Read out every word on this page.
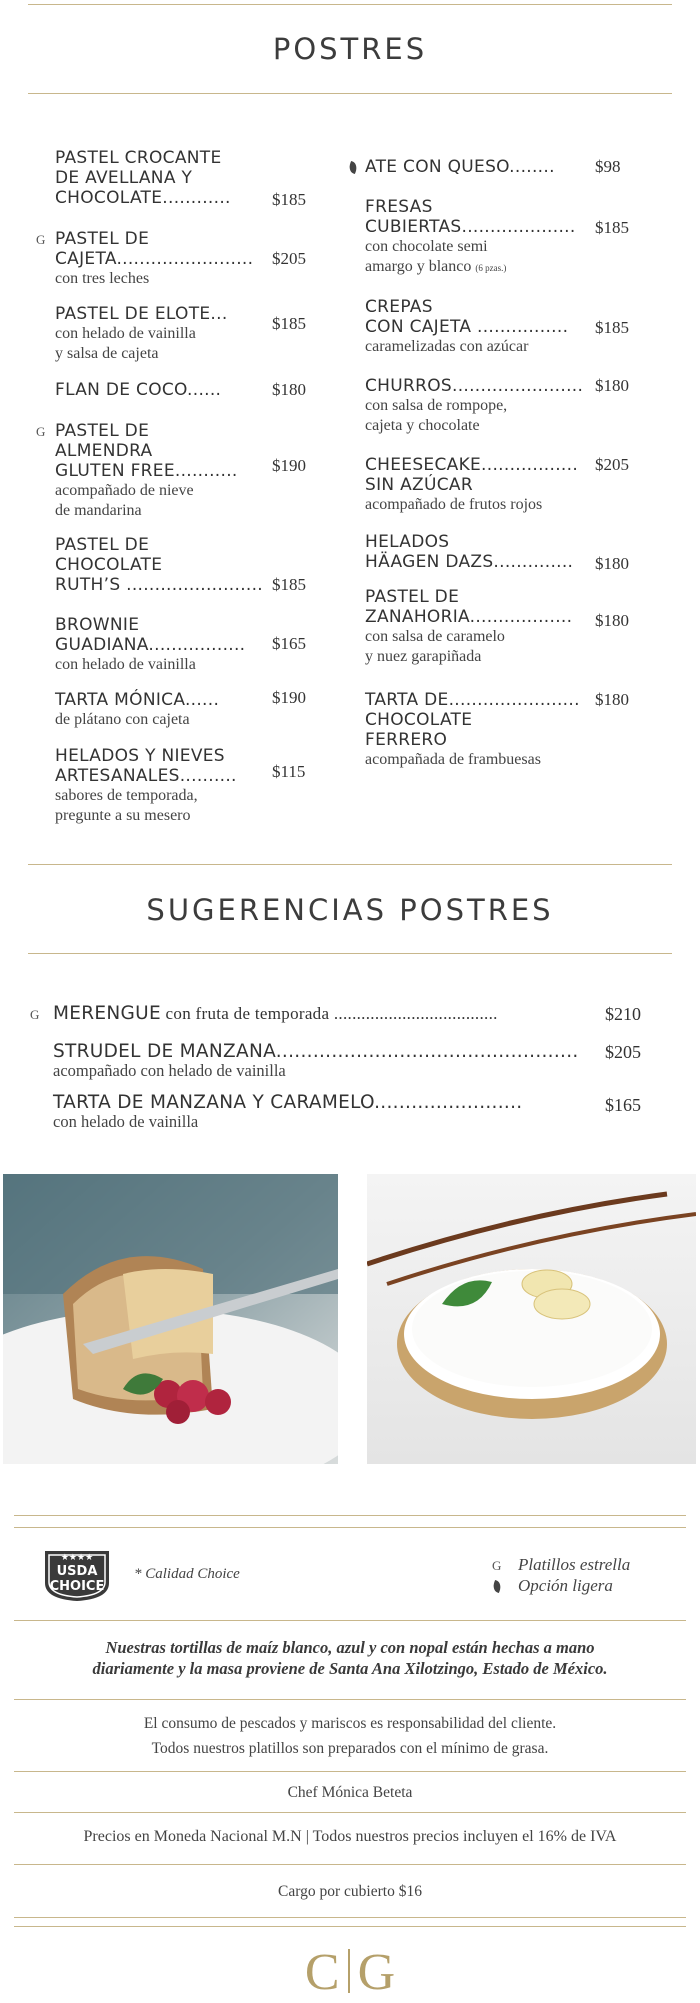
POSTRES
PASTEL CROCANTE
DE AVELLANA Y
CHOCOLATE............ $185
PASTEL DE
CAJETA........................
con tres leches
$205
G
PASTEL DE ELOTE...
con helado de vainilla
y salsa de cajeta
$185
FLAN DE COCO......	$180
PASTEL DE
ALMENDRA
GLUTEN FREE...........
acompañado de nieve
de mandarina
$190
G
PASTEL DE
CHOCOLATE
RUTH’S ........................ $185
BROWNIE
GUADIANA.................
con helado de vainilla
$165
TARTA MÓNICA......
de plátano con cajeta
$190
HELADOS Y NIEVES
ARTESANALES..........
sabores de temporada,
pregunte a su mesero
$115
ATE CON QUESO........ $98
FRESAS
CUBIERTAS....................
con chocolate semi
amargo y blanco (6 pzas.)
$185
CREPAS
CON CAJETA ................
caramelizadas con azúcar
$185
CHURROS.......................
con salsa de rompope,
cajeta y chocolate
$180
CHEESECAKE.................
SIN AZÚCAR
acompañado de frutos rojos
$205
HELADOS
HÄAGEN DAZS.............. $180
PASTEL DE
ZANAHORIA..................
con salsa de caramelo
y nuez garapiñada
$180
TARTA DE.......................
CHOCOLATE
FERRERO
acompañada de frambuesas
$180
SUGERENCIAS POSTRES
MERENGUE con fruta de temporada ....................................	$210
G
STRUDEL DE MANZANA.................................................
acompañado con helado de vainilla
$205
TARTA DE MANZANA Y CARAMELO........................
con helado de vainilla
$165
★★★★
USDA
CHOICE
* Calidad Choice
G Platillos estrella
Opción ligera
Nuestras tortillas de maíz blanco, azul y con nopal están hechas a mano
diariamente y la masa proviene de Santa Ana Xilotzingo, Estado de México.
El consumo de pescados y mariscos es responsabilidad del cliente.
Todos nuestros platillos son preparados con el mínimo de grasa.
Chef Mónica Beteta
Precios en Moneda Nacional M.N | Todos nuestros precios incluyen el 16% de IVA
Cargo por cubierto $16
C G
